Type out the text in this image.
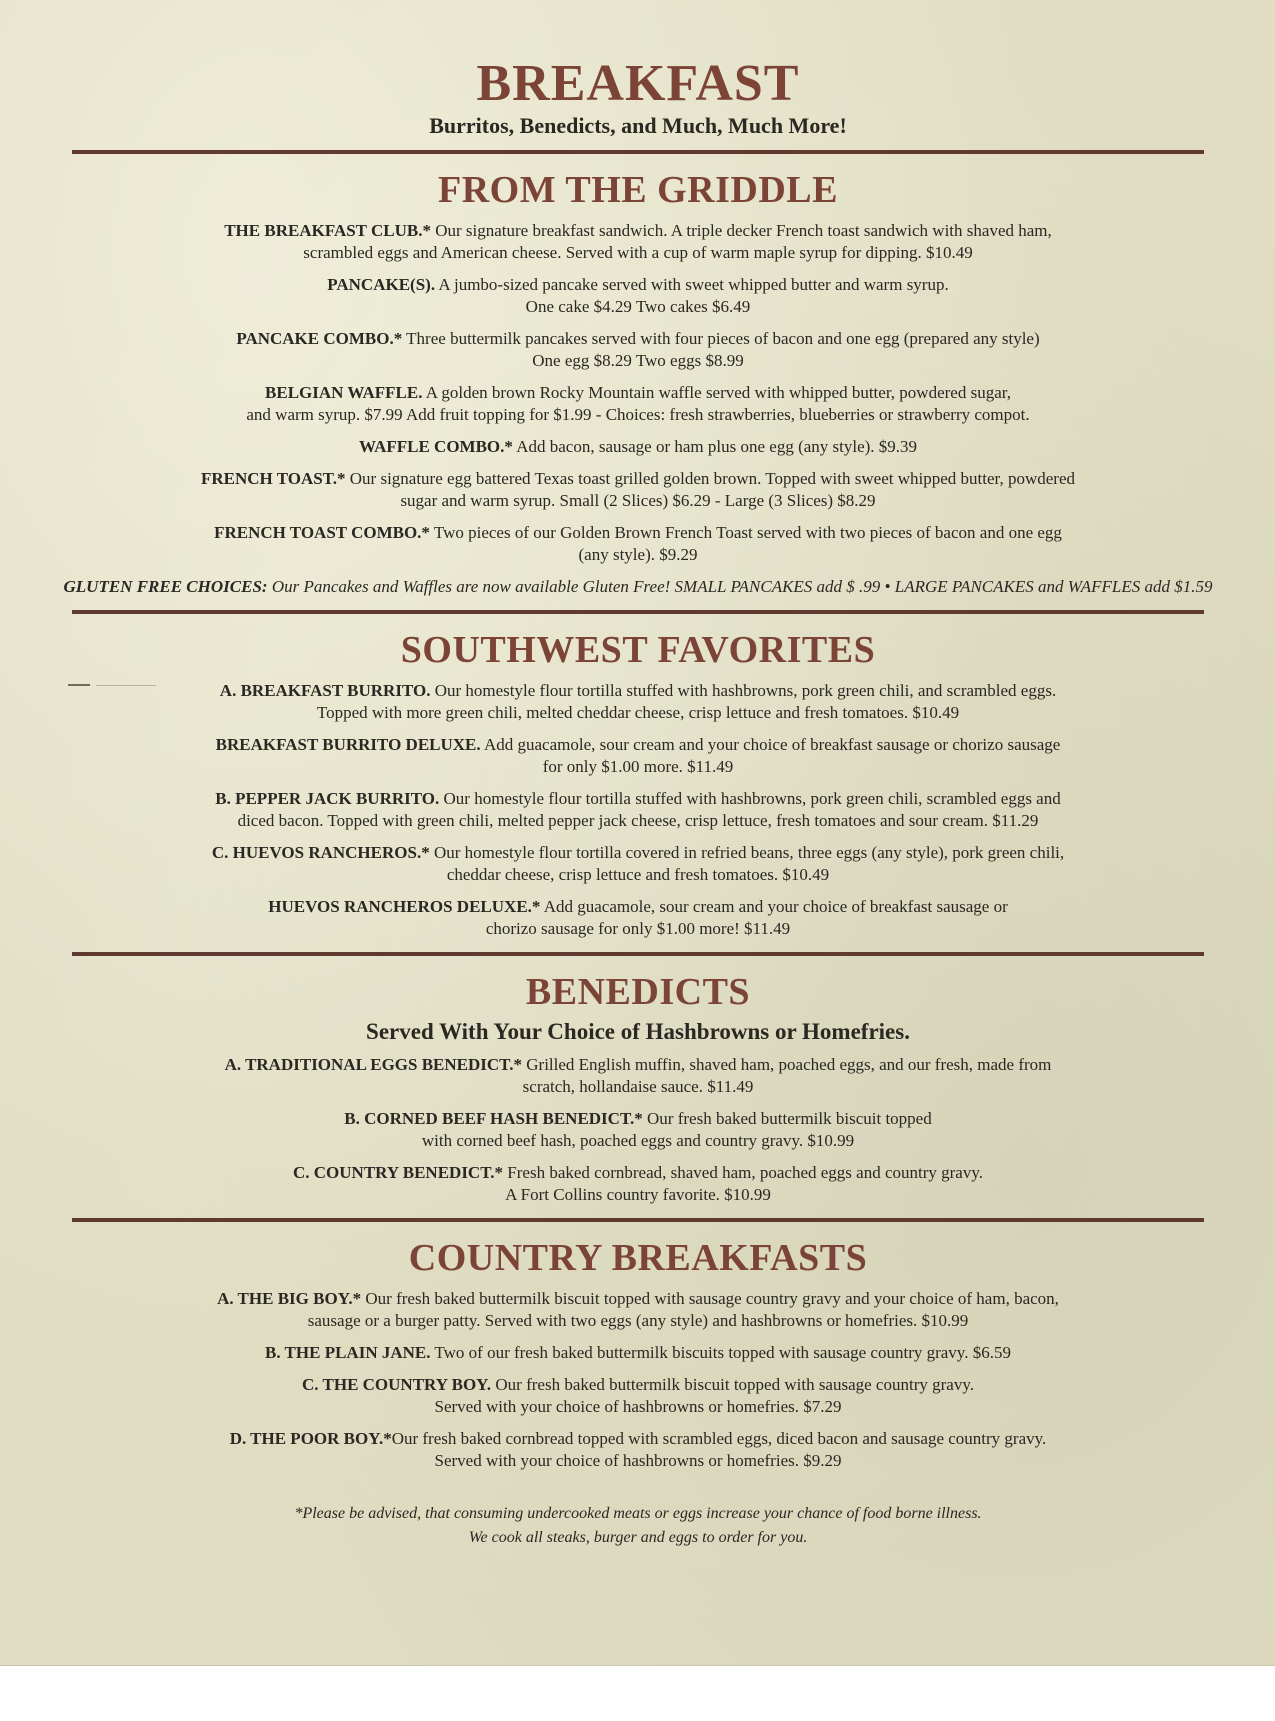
BREAKFAST
Burritos, Benedicts, and Much, Much More!
FROM THE GRIDDLE
THE BREAKFAST CLUB.* Our signature breakfast sandwich. A triple decker French toast sandwich with shaved ham,
scrambled eggs and American cheese. Served with a cup of warm maple syrup for dipping. $10.49
PANCAKE(S). A jumbo-sized pancake served with sweet whipped butter and warm syrup.
One cake $4.29 Two cakes $6.49
PANCAKE COMBO.* Three buttermilk pancakes served with four pieces of bacon and one egg (prepared any style)
One egg $8.29 Two eggs $8.99
BELGIAN WAFFLE. A golden brown Rocky Mountain waffle served with whipped butter, powdered sugar,
and warm syrup. $7.99 Add fruit topping for $1.99 - Choices: fresh strawberries, blueberries or strawberry compot.
WAFFLE COMBO.* Add bacon, sausage or ham plus one egg (any style). $9.39
FRENCH TOAST.* Our signature egg battered Texas toast grilled golden brown. Topped with sweet whipped butter, powdered
sugar and warm syrup. Small (2 Slices) $6.29 - Large (3 Slices) $8.29
FRENCH TOAST COMBO.* Two pieces of our Golden Brown French Toast served with two pieces of bacon and one egg
(any style). $9.29
GLUTEN FREE CHOICES: Our Pancakes and Waffles are now available Gluten Free! SMALL PANCAKES add $ .99 • LARGE PANCAKES and WAFFLES add $1.59
SOUTHWEST FAVORITES
A. BREAKFAST BURRITO. Our homestyle flour tortilla stuffed with hashbrowns, pork green chili, and scrambled eggs.
Topped with more green chili, melted cheddar cheese, crisp lettuce and fresh tomatoes. $10.49
BREAKFAST BURRITO DELUXE. Add guacamole, sour cream and your choice of breakfast sausage or chorizo sausage
for only $1.00 more. $11.49
B. PEPPER JACK BURRITO. Our homestyle flour tortilla stuffed with hashbrowns, pork green chili, scrambled eggs and
diced bacon. Topped with green chili, melted pepper jack cheese, crisp lettuce, fresh tomatoes and sour cream. $11.29
C. HUEVOS RANCHEROS.* Our homestyle flour tortilla covered in refried beans, three eggs (any style), pork green chili,
cheddar cheese, crisp lettuce and fresh tomatoes. $10.49
HUEVOS RANCHEROS DELUXE.* Add guacamole, sour cream and your choice of breakfast sausage or
chorizo sausage for only $1.00 more! $11.49
BENEDICTS
Served With Your Choice of Hashbrowns or Homefries.
A. TRADITIONAL EGGS BENEDICT.* Grilled English muffin, shaved ham, poached eggs, and our fresh, made from
scratch, hollandaise sauce. $11.49
B. CORNED BEEF HASH BENEDICT.* Our fresh baked buttermilk biscuit topped
with corned beef hash, poached eggs and country gravy. $10.99
C. COUNTRY BENEDICT.* Fresh baked cornbread, shaved ham, poached eggs and country gravy.
A Fort Collins country favorite. $10.99
COUNTRY BREAKFASTS
A. THE BIG BOY.* Our fresh baked buttermilk biscuit topped with sausage country gravy and your choice of ham, bacon,
sausage or a burger patty. Served with two eggs (any style) and hashbrowns or homefries. $10.99
B. THE PLAIN JANE. Two of our fresh baked buttermilk biscuits topped with sausage country gravy. $6.59
C. THE COUNTRY BOY. Our fresh baked buttermilk biscuit topped with sausage country gravy.
Served with your choice of hashbrowns or homefries. $7.29
D. THE POOR BOY.*Our fresh baked cornbread topped with scrambled eggs, diced bacon and sausage country gravy.
Served with your choice of hashbrowns or homefries. $9.29
*Please be advised, that consuming undercooked meats or eggs increase your chance of food borne illness.
We cook all steaks, burger and eggs to order for you.
